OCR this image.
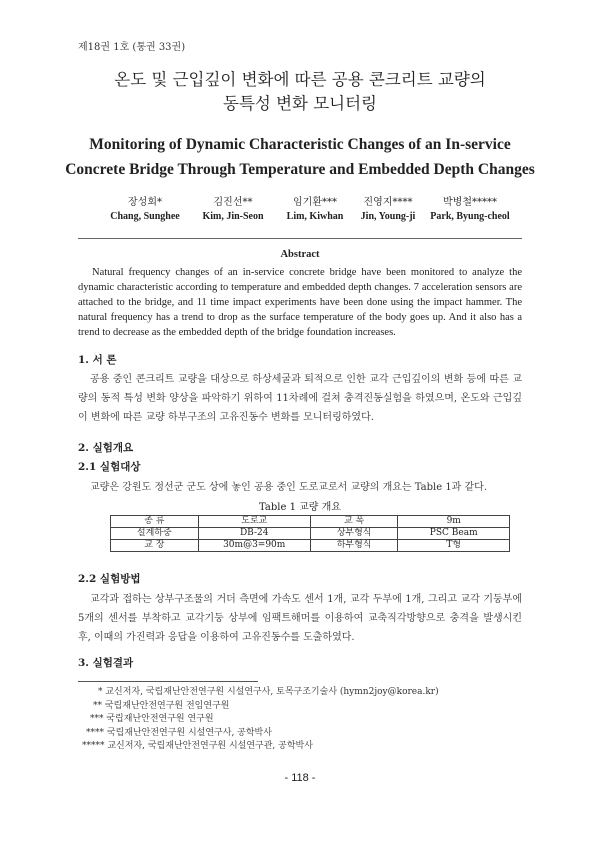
제18권 1호 (통권 33권)
온도 및 근입깊이 변화에 따른 공용 콘크리트 교량의
동특성 변화 모니터링
Monitoring of Dynamic Characteristic Changes of an In-service
Concrete Bridge Through Temperature and Embedded Depth Changes
장성회*
Chang, Sunghee
김진선**
Kim, Jin-Seon
임기환***
Lim, Kiwhan
진영지****
Jin, Young-ji
박병철*****
Park, Byung-cheol
Abstract
Natural frequency changes of an in-service concrete bridge have been monitored to analyze the dynamic characteristic according to temperature and embedded depth changes. 7 acceleration sensors are attached to the bridge, and 11 time impact experiments have been done using the impact hammer. The natural frequency has a trend to drop as the surface temperature of the body goes up. And it also has a trend to decrease as the embedded depth of the bridge foundation increases.
1. 서 론
공용 중인 콘크리트 교량을 대상으로 하상세굴과 퇴적으로 인한 교각 근입깊이의 변화 등에 따른 교량의 동적 특성 변화 양상을 파악하기 위하여 11차례에 걸쳐 충격진동실험을 하였으며, 온도와 근입깊이 변화에 따른 교량 하부구조의 고유진동수 변화를 모니터링하였다.
2. 실험개요
2.1 실험대상
교량은 강원도 정선군 군도 상에 놓인 공용 중인 도로교로서 교량의 개요는 Table 1과 같다.
Table 1 교량 개요
종 류	도로교	교 폭	9m
설계하중	DB-24	상부형식	PSC Beam
교 장	30m@3=90m	하부형식	T형
2.2 실험방법
교각과 접하는 상부구조물의 거더 측면에 가속도 센서 1개, 교각 두부에 1개, 그리고 교각 기둥부에 5개의 센서를 부착하고 교각기둥 상부에 임팩트해머를 이용하여 교축직각방향으로 충격을 발생시킨 후, 이때의 가진력과 응답을 이용하여 고유진동수를 도출하였다.
3. 실험결과
* 교신저자, 국립재난안전연구원 시설연구사, 토목구조기술사 (hymn2joy@korea.kr)
** 국립재난안전연구원 전임연구원
*** 국립재난안전연구원 연구원
**** 국립재난안전연구원 시설연구사, 공학박사
***** 교신저자, 국립재난안전연구원 시설연구관, 공학박사
- 118 -
